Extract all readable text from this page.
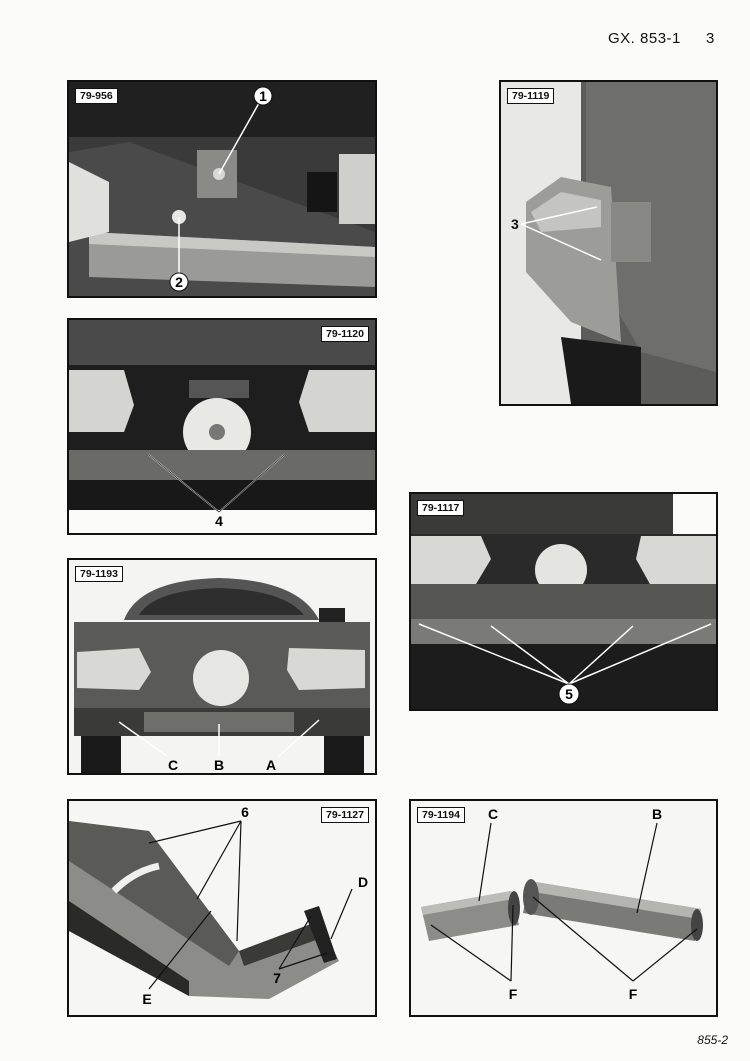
GX. 853-1 3
1
2
79-956
3
79-1119
4
79-1120
5
79-1117
C	B	A
79-1193
6
D
E
7
79-1127	C	B
F	F
79-1194
855-2
